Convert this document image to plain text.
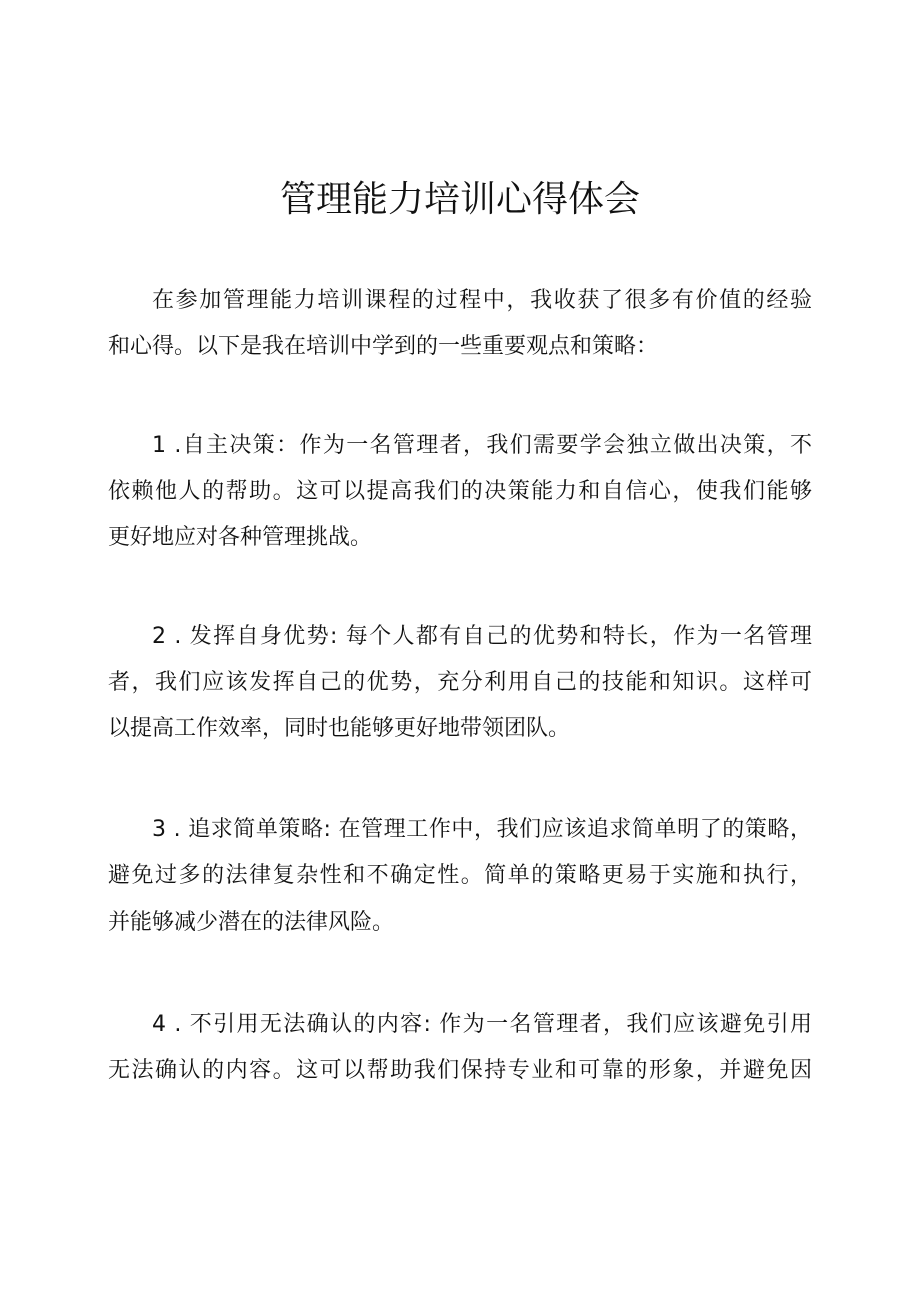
管理能力培训心得体会
在参加管理能力培训课程的过程中，我收获了很多有价值的经验
和心得。以下是我在培训中学到的一些重要观点和策略：
1 .自主决策：作为一名管理者，我们需要学会独立做出决策，不
依赖他人的帮助。这可以提高我们的决策能力和自信心，使我们能够
更好地应对各种管理挑战。
2 . 发挥自身优势: 每个人都有自己的优势和特长，作为一名管理
者，我们应该发挥自己的优势，充分利用自己的技能和知识。这样可
以提高工作效率，同时也能够更好地带领团队。
3 . 追求简单策略: 在管理工作中，我们应该追求简单明了的策略，
避免过多的法律复杂性和不确定性。简单的策略更易于实施和执行，
并能够减少潜在的法律风险。
4 . 不引用无法确认的内容: 作为一名管理者，我们应该避免引用
无法确认的内容。这可以帮助我们保持专业和可靠的形象，并避免因
